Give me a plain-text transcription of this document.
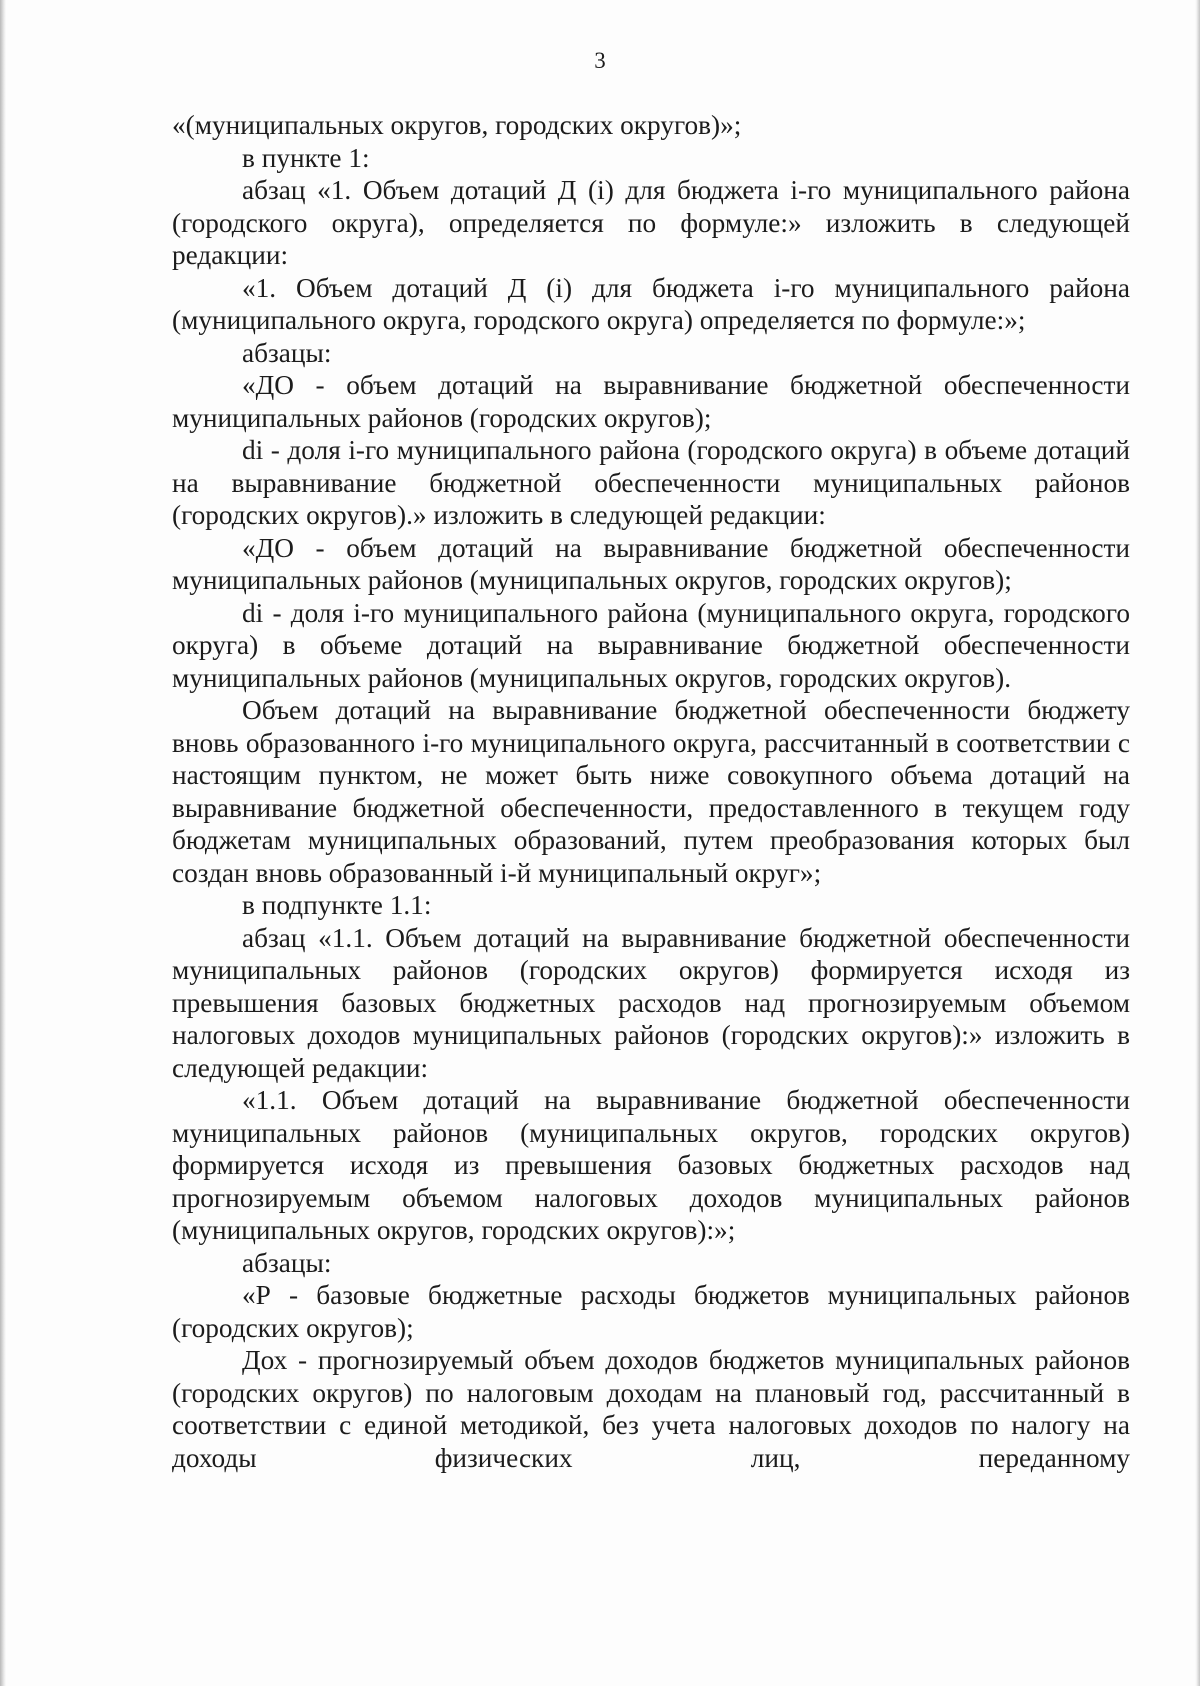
3

«(муниципальных округов, городских округов)»;

в пункте 1:

абзац «1. Объем дотаций Д (i) для бюджета i-го муниципального района (городского округа), определяется по формуле:» изложить в следующей редакции:

«1. Объем дотаций Д (i) для бюджета i-го муниципального района (муниципального округа, городского округа) определяется по формуле:»;

абзацы:

«ДО - объем дотаций на выравнивание бюджетной обеспеченности муниципальных районов (городских округов);

di - доля i-го муниципального района (городского округа) в объеме дотаций на выравнивание бюджетной обеспеченности муниципальных районов (городских округов).» изложить в следующей редакции:

«ДО - объем дотаций на выравнивание бюджетной обеспеченности муниципальных районов (муниципальных округов, городских округов);

di - доля i-го муниципального района (муниципального округа, городского округа) в объеме дотаций на выравнивание бюджетной обеспеченности муниципальных районов (муниципальных округов, городских округов).

Объем дотаций на выравнивание бюджетной обеспеченности бюджету вновь образованного i-го муниципального округа, рассчитанный в соответствии с настоящим пунктом, не может быть ниже совокупного объема дотаций на выравнивание бюджетной обеспеченности, предоставленного в текущем году бюджетам муниципальных образований, путем преобразования которых был создан вновь образованный i-й муниципальный округ»;

в подпункте 1.1:

абзац «1.1. Объем дотаций на выравнивание бюджетной обеспеченности муниципальных районов (городских округов) формируется исходя из превышения базовых бюджетных расходов над прогнозируемым объемом налоговых доходов муниципальных районов (городских округов):» изложить в следующей редакции:

«1.1. Объем дотаций на выравнивание бюджетной обеспеченности муниципальных районов (муниципальных округов, городских округов) формируется исходя из превышения базовых бюджетных расходов над прогнозируемым объемом налоговых доходов муниципальных районов (муниципальных округов, городских округов):»;

абзацы:

«Р - базовые бюджетные расходы бюджетов муниципальных районов (городских округов);

Дох - прогнозируемый объем доходов бюджетов муниципальных районов (городских округов) по налоговым доходам на плановый год, рассчитанный в соответствии с единой методикой, без учета налоговых доходов по налогу на доходы физических лиц, переданному
